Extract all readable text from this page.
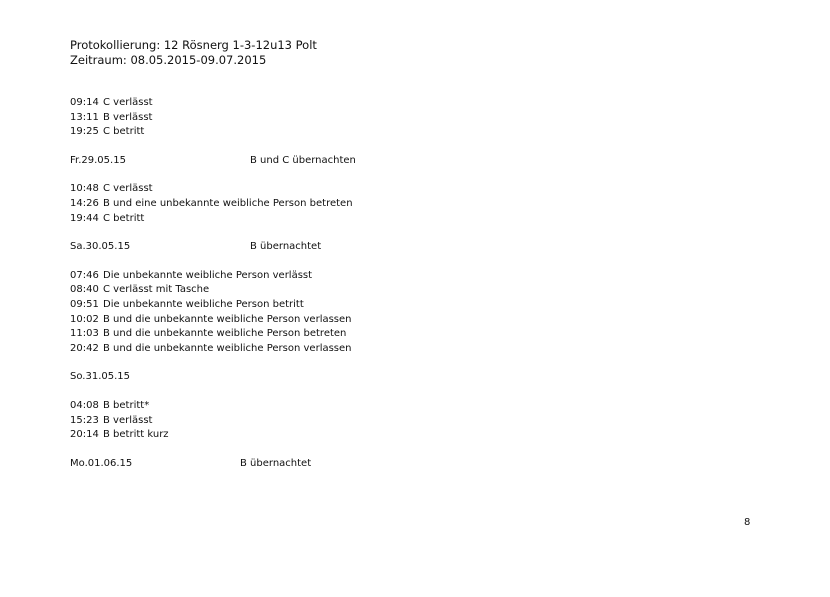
Protokollierung: 12 Rösnerg 1-3-12u13 Polt
Zeitraum: 08.05.2015-09.07.2015
09:14 C verlässt
13:11 B verlässt
19:25 C betritt
Fr.29.05.15	B und C übernachten
10:48 C verlässt
14:26 B und eine unbekannte weibliche Person betreten
19:44 C betritt
Sa.30.05.15	B übernachtet
07:46 Die unbekannte weibliche Person verlässt
08:40 C verlässt mit Tasche
09:51 Die unbekannte weibliche Person betritt
10:02 B und die unbekannte weibliche Person verlassen
11:03 B und die unbekannte weibliche Person betreten
20:42 B und die unbekannte weibliche Person verlassen
So.31.05.15
04:08 B betritt*
15:23 B verlässt
20:14 B betritt kurz
Mo.01.06.15	B übernachtet
8
